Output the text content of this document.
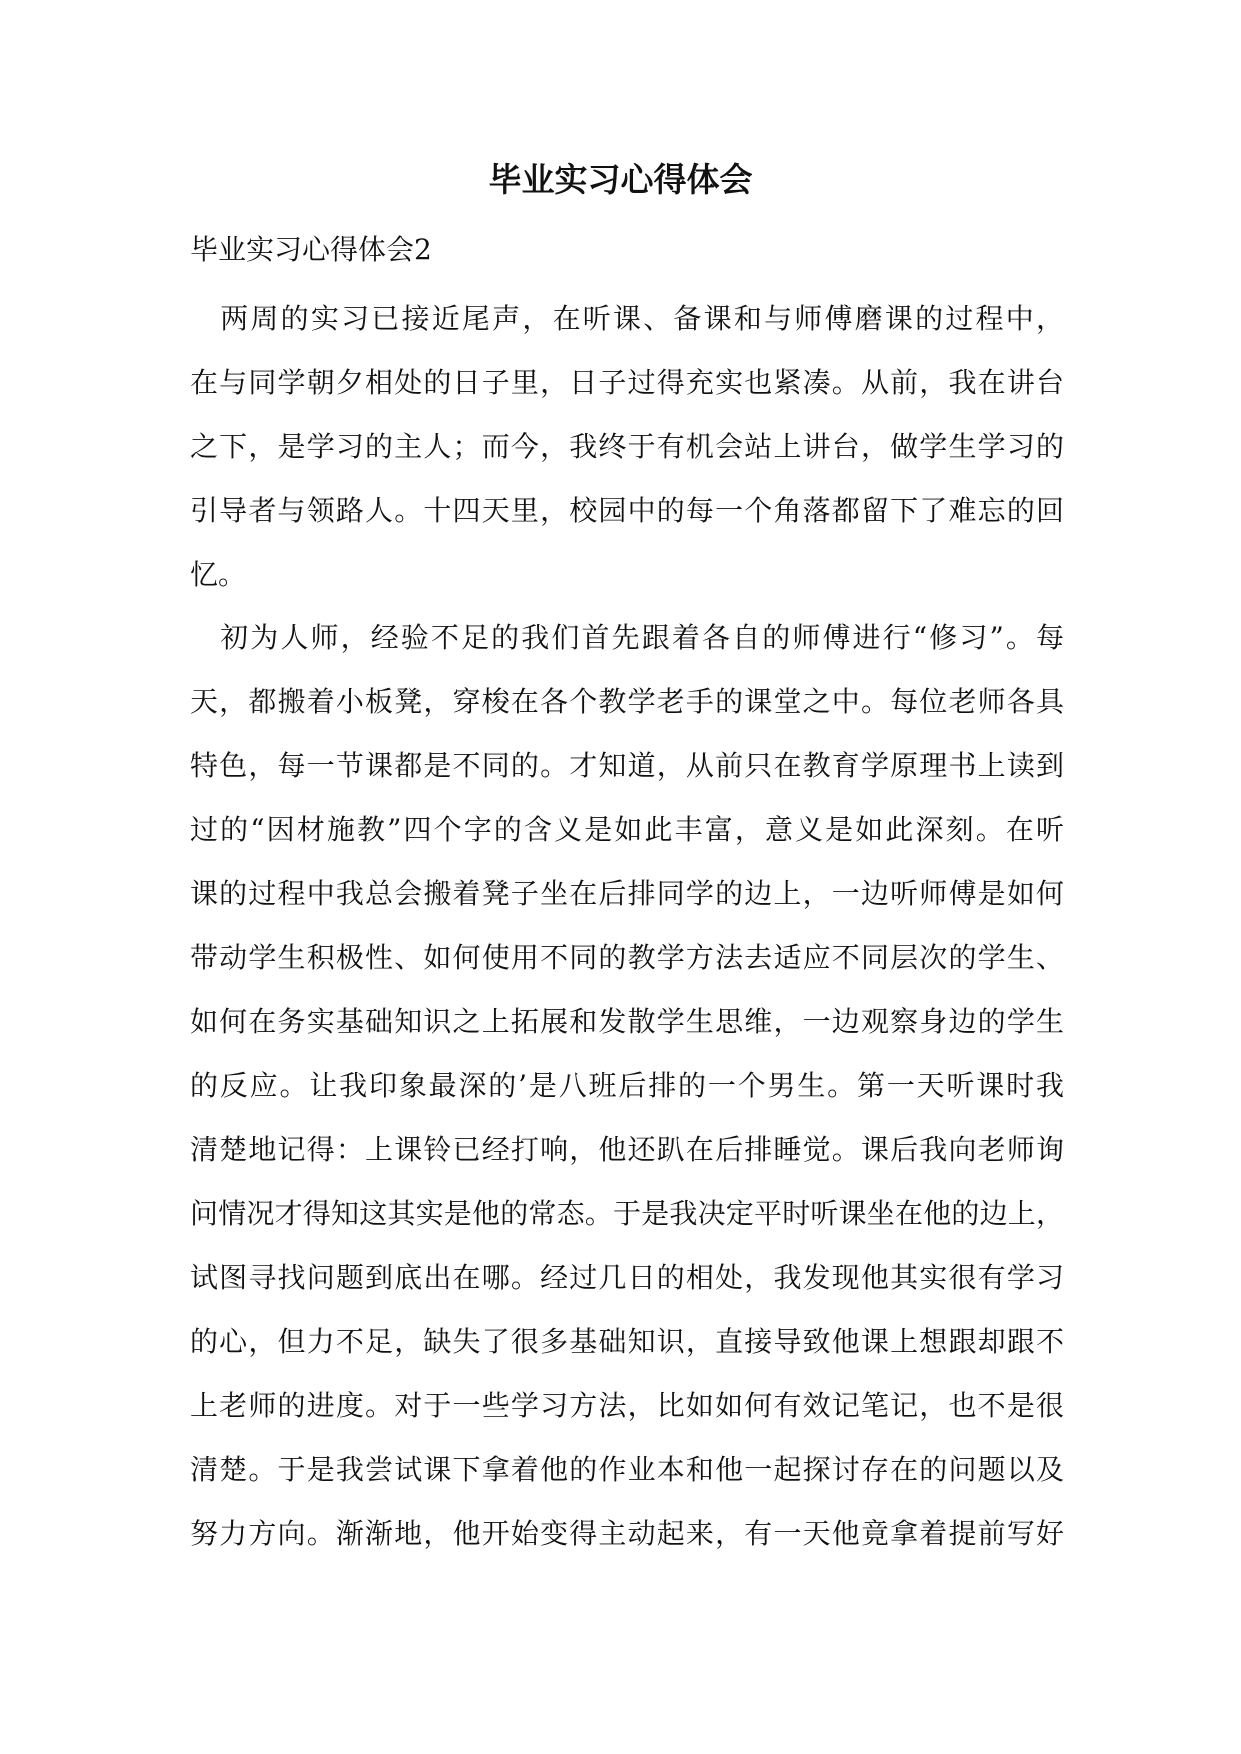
毕业实习心得体会

毕业实习心得体会2

　两周的实习已接近尾声，在听课、备课和与师傅磨课的过程中，
在与同学朝夕相处的日子里，日子过得充实也紧凑。从前，我在讲台
之下，是学习的主人；而今，我终于有机会站上讲台，做学生学习的
引导者与领路人。十四天里，校园中的每一个角落都留下了难忘的回
忆。
　初为人师，经验不足的我们首先跟着各自的师傅进行“修习”。每
天，都搬着小板凳，穿梭在各个教学老手的课堂之中。每位老师各具
特色，每一节课都是不同的。才知道，从前只在教育学原理书上读到
过的“因材施教”四个字的含义是如此丰富，意义是如此深刻。在听
课的过程中我总会搬着凳子坐在后排同学的边上，一边听师傅是如何
带动学生积极性、如何使用不同的教学方法去适应不同层次的学生、
如何在务实基础知识之上拓展和发散学生思维，一边观察身边的学生
的反应。让我印象最深的’是八班后排的一个男生。第一天听课时我
清楚地记得：上课铃已经打响，他还趴在后排睡觉。课后我向老师询
问情况才得知这其实是他的常态。于是我决定平时听课坐在他的边上，
试图寻找问题到底出在哪。经过几日的相处，我发现他其实很有学习
的心，但力不足，缺失了很多基础知识，直接导致他课上想跟却跟不
上老师的进度。对于一些学习方法，比如如何有效记笔记，也不是很
清楚。于是我尝试课下拿着他的作业本和他一起探讨存在的问题以及
努力方向。渐渐地，他开始变得主动起来，有一天他竟拿着提前写好
